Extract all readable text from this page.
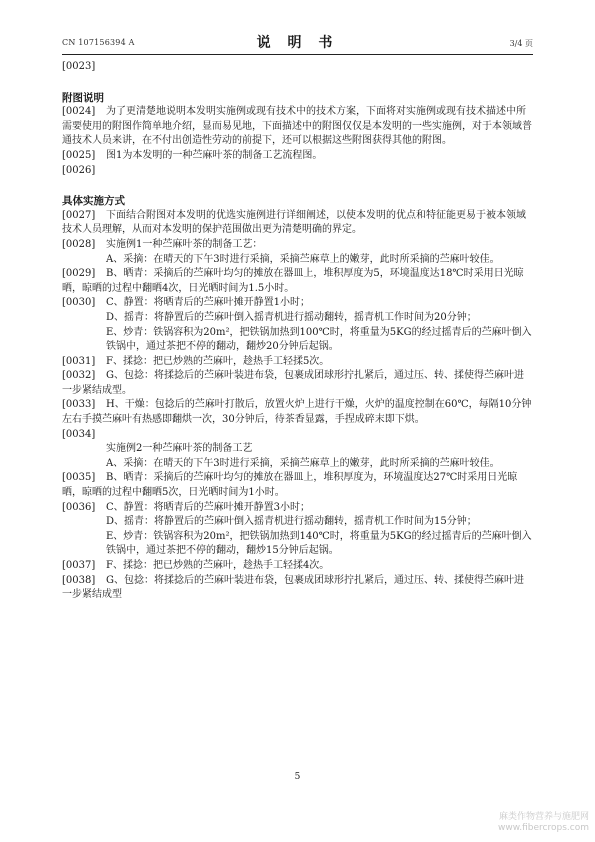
CN 107156394 A	说 明 书	3/4 页

[0023]

附图说明

[0024] 为了更清楚地说明本发明实施例或现有技术中的技术方案，下面将对实施例或现有技术描述中所需要使用的附图作简单地介绍，显而易见地，下面描述中的附图仅仅是本发明的一些实施例，对于本领域普通技术人员来讲，在不付出创造性劳动的前提下，还可以根据这些附图获得其他的附图。

[0025] 图1为本发明的一种苎麻叶茶的制备工艺流程图。

[0026]

具体实施方式

[0027] 下面结合附图对本发明的优选实施例进行详细阐述，以使本发明的优点和特征能更易于被本领域技术人员理解，从而对本发明的保护范围做出更为清楚明确的界定。

[0028] 实施例1一种苎麻叶茶的制备工艺：

A、采摘：在晴天的下午3时进行采摘，采摘苎麻草上的嫩芽，此时所采摘的苎麻叶较佳。

[0029] B、晒青：采摘后的苎麻叶均匀的摊放在器皿上，堆积厚度为5，环境温度达18℃时采用日光晾晒，晾晒的过程中翻晒4次，日光晒时间为1.5小时。

[0030] C、静置：将晒青后的苎麻叶摊开静置1小时；

D、摇青：将静置后的苎麻叶倒入摇青机进行摇动翻转，摇青机工作时间为20分钟；

E、炒青：铁锅容积为20m²，把铁锅加热到100℃时，将重量为5KG的经过摇青后的苎麻叶倒入铁锅中，通过茶把不停的翻动，翻炒20分钟后起锅。

[0031] F、揉捻：把已炒熟的苎麻叶，趁热手工轻揉5次。

[0032] G、包捻：将揉捻后的苎麻叶装进布袋，包裹成团球形拧扎紧后，通过压、转、揉使得苎麻叶进一步紧结成型。

[0033] H、干燥：包捻后的苎麻叶打散后，放置火炉上进行干燥，火炉的温度控制在60℃，每隔10分钟左右手摸苎麻叶有热感即翻烘一次，30分钟后，待茶香显露，手捏成碎末即下烘。

[0034]

实施例2一种苎麻叶茶的制备工艺

A、采摘：在晴天的下午3时进行采摘，采摘苎麻草上的嫩芽，此时所采摘的苎麻叶较佳。

[0035] B、晒青：采摘后的苎麻叶均匀的摊放在器皿上，堆积厚度为，环境温度达27℃时采用日光晾晒，晾晒的过程中翻晒5次，日光晒时间为1小时。

[0036] C、静置：将晒青后的苎麻叶摊开静置3小时；

D、摇青：将静置后的苎麻叶倒入摇青机进行摇动翻转，摇青机工作时间为15分钟；

E、炒青：铁锅容积为20m²，把铁锅加热到140℃时，将重量为5KG的经过摇青后的苎麻叶倒入铁锅中，通过茶把不停的翻动，翻炒15分钟后起锅。

[0037] F、揉捻：把已炒熟的苎麻叶，趁热手工轻揉4次。

[0038] G、包捻：将揉捻后的苎麻叶装进布袋，包裹成团球形拧扎紧后，通过压、转、揉使得苎麻叶进一步紧结成型

5
麻类作物营养与施肥网
www.fibercrops.com
